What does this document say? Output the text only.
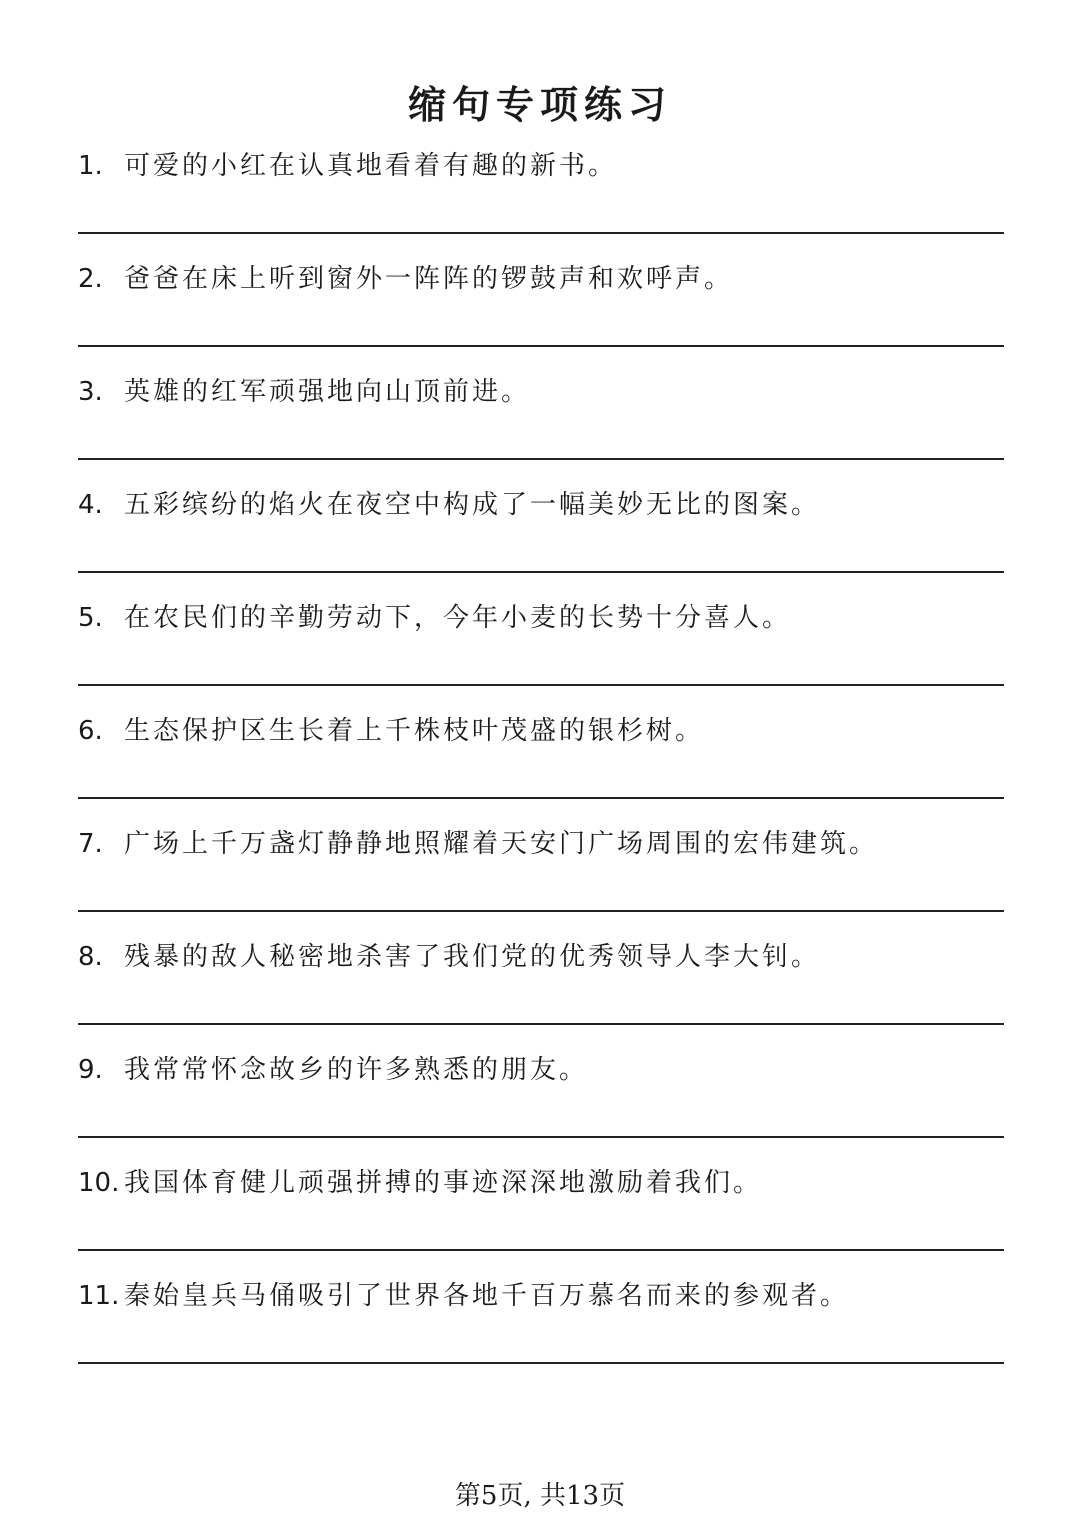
缩句专项练习
1. 可爱的小红在认真地看着有趣的新书。
2. 爸爸在床上听到窗外一阵阵的锣鼓声和欢呼声。
3. 英雄的红军顽强地向山顶前进。
4. 五彩缤纷的焰火在夜空中构成了一幅美妙无比的图案。
5. 在农民们的辛勤劳动下，今年小麦的长势十分喜人。
6. 生态保护区生长着上千株枝叶茂盛的银杉树。
7. 广场上千万盏灯静静地照耀着天安门广场周围的宏伟建筑。
8. 残暴的敌人秘密地杀害了我们党的优秀领导人李大钊。
9. 我常常怀念故乡的许多熟悉的朋友。
10. 我国体育健儿顽强拼搏的事迹深深地激励着我们。
11. 秦始皇兵马俑吸引了世界各地千百万慕名而来的参观者。
第5页, 共13页
